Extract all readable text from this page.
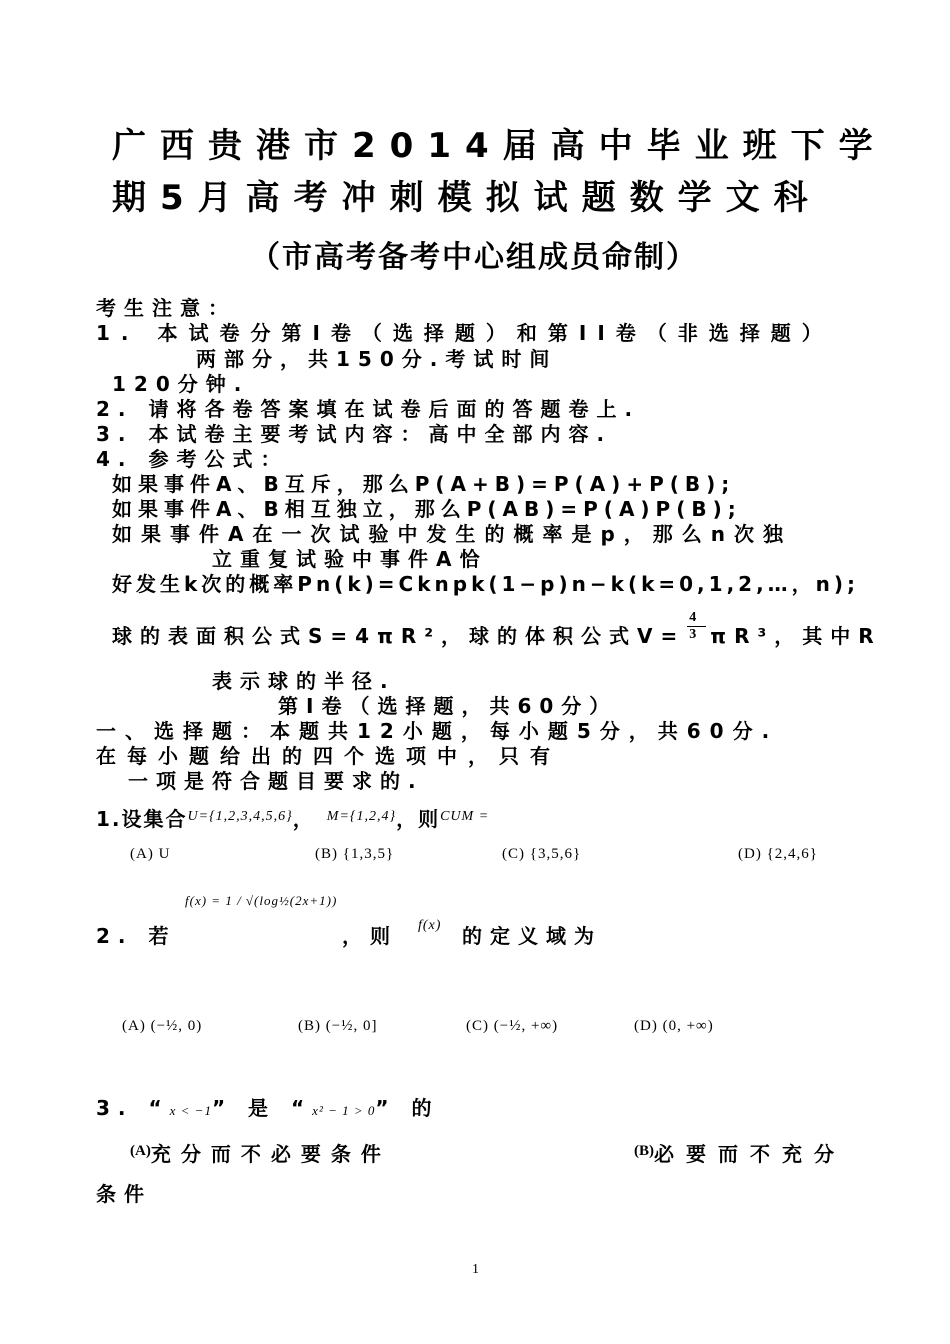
广西贵港市2014届高中毕业班下学
期5月高考冲刺模拟试题数学文科
（市高考备考中心组成员命制）
考生注意：
1. 本试卷分第Ⅰ卷（选择题）和第II卷（非选择题）
两部分，共150分.考试时间
120分钟.
2. 请将各卷答案填在试卷后面的答题卷上.
3. 本试卷主要考试内容：高中全部内容.
4. 参考公式：
如果事件A、B互斥，那么P(A+B)=P(A)+P(B);
如果事件A、B相互独立，那么P(AB)=P(A)P(B);
如果事件A在一次试验中发生的概率是p，那么n次独
立重复试验中事件A恰
好发生k次的概率Pn(k)=Cknpk(1−p)n−k(k=0,1,2,…，n);
球的表面积公式S=4πR²，球的体积公式$V= \frac{4}{3} \pi R^3$，其中R
表示球的半径.
第Ⅰ卷（选择题，共60分）
一、选择题：本题共12小题，每小题5分，共60分.
在每小题给出的四个选项中，只有
一项是符合题目要求的.
1.设集合$^{U=\{1,2,3,4,5,6\}}$， $^{M=\{1,2,4\}}$，则$^{CUM =}$
(A) U	(B) {1,3,5}	(C) {3,5,6}	(D) {2,4,6}
f(x) = 1 / √(log½(2x+1))
2. 若	，则 f(x) 的定义域为
(A) (−½, 0)	(B) (−½, 0]	(C) (−½, +∞)	(D) (0, +∞)
3. “x < −1” 是 “x² − 1 > 0” 的
$^{(A)}$充分而不必要条件	$^{(B)}$必要而不充分
条件
1
